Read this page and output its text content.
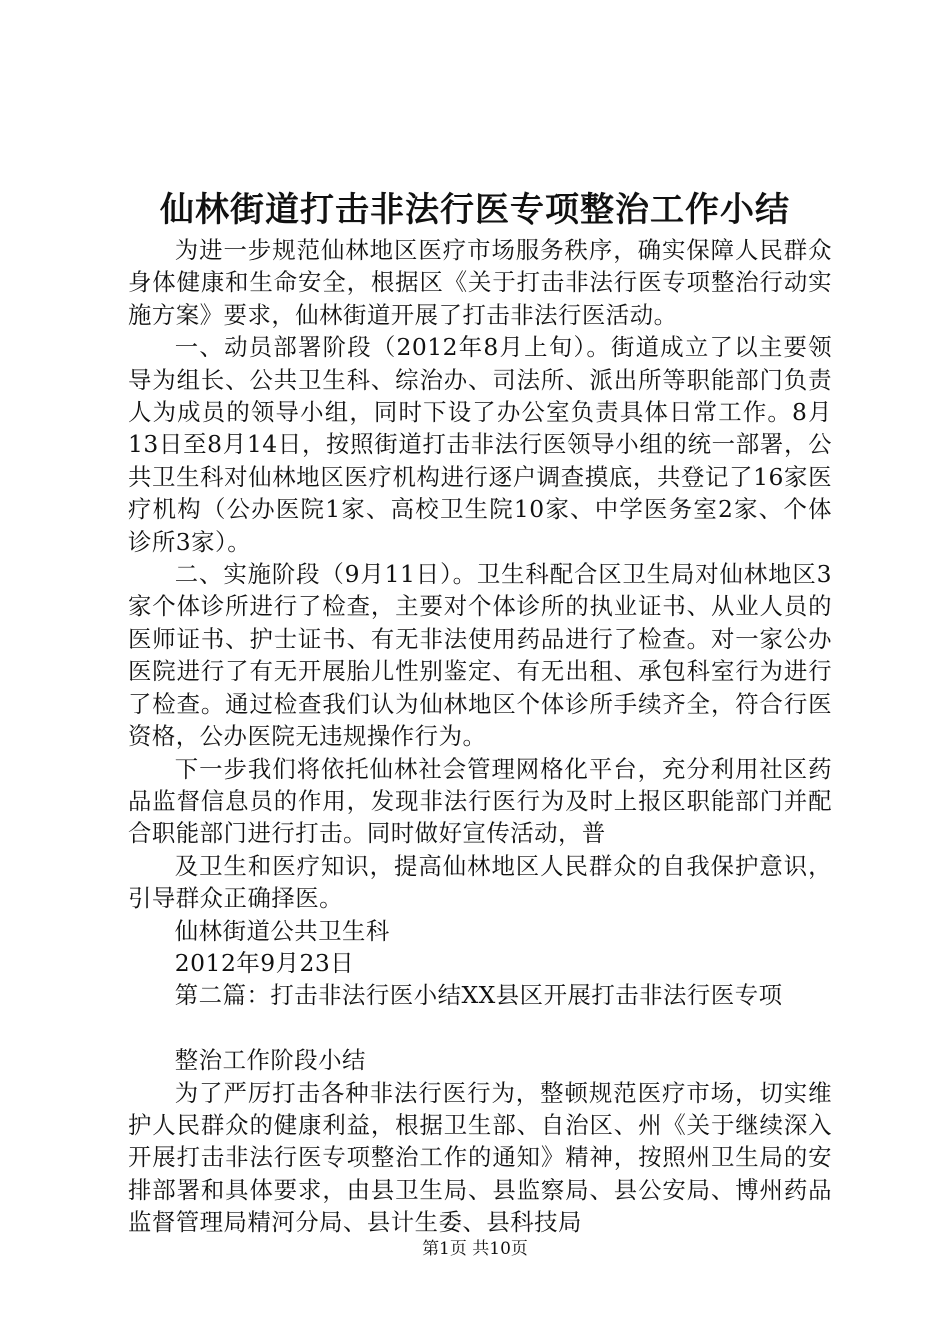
仙林街道打击非法行医专项整治工作小结

为进一步规范仙林地区医疗市场服务秩序，确实保障人民群众身体健康和生命安全，根据区《关于打击非法行医专项整治行动实施方案》要求，仙林街道开展了打击非法行医活动。

一、动员部署阶段（2012年8月上旬）。街道成立了以主要领导为组长、公共卫生科、综治办、司法所、派出所等职能部门负责人为成员的领导小组，同时下设了办公室负责具体日常工作。8月13日至8月14日，按照街道打击非法行医领导小组的统一部署，公共卫生科对仙林地区医疗机构进行逐户调查摸底，共登记了16家医疗机构（公办医院1家、高校卫生院10家、中学医务室2家、个体诊所3家）。

二、实施阶段（9月11日）。卫生科配合区卫生局对仙林地区3家个体诊所进行了检查，主要对个体诊所的执业证书、从业人员的医师证书、护士证书、有无非法使用药品进行了检查。对一家公办医院进行了有无开展胎儿性别鉴定、有无出租、承包科室行为进行了检查。通过检查我们认为仙林地区个体诊所手续齐全，符合行医资格，公办医院无违规操作行为。

下一步我们将依托仙林社会管理网格化平台，充分利用社区药品监督信息员的作用，发现非法行医行为及时上报区职能部门并配合职能部门进行打击。同时做好宣传活动，普

及卫生和医疗知识，提高仙林地区人民群众的自我保护意识，引导群众正确择医。

仙林街道公共卫生科

2012年9月23日

第二篇：打击非法行医小结XX县区开展打击非法行医专项

整治工作阶段小结

为了严厉打击各种非法行医行为，整顿规范医疗市场，切实维护人民群众的健康利益，根据卫生部、自治区、州《关于继续深入开展打击非法行医专项整治工作的通知》精神，按照州卫生局的安排部署和具体要求，由县卫生局、县监察局、县公安局、博州药品监督管理局精河分局、县计生委、县科技局

第1页 共10页
